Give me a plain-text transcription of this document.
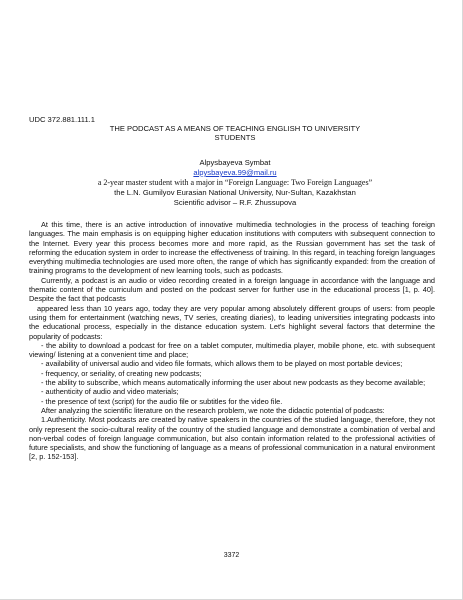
UDC 372.881.111.1
THE PODCAST AS A MEANS OF TEACHING ENGLISH TO UNIVERSITY
STUDENTS
Alpysbayeva Symbat
alpysbayeva.99@mail.ru
a 2-year master student with a major in “Foreign Language: Two Foreign Languages”
the L.N. Gumilyov Eurasian National University, Nur-Sultan, Kazakhstan
Scientific advisor – R.F. Zhussupova

At this time, there is an active introduction of innovative multimedia technologies in the process of teaching foreign languages. The main emphasis is on equipping higher education institutions with computers with subsequent connection to the Internet. Every year this process becomes more and more rapid, as the Russian government has set the task of reforming the education system in order to increase the effectiveness of training. In this regard, in teaching foreign languages everything multimedia technologies are used more often, the range of which has significantly expanded: from the creation of training programs to the development of new learning tools, such as podcasts.

Currently, a podcast is an audio or video recording created in a foreign language in accordance with the language and thematic content of the curriculum and posted on the podcast server for further use in the educational process [1, p. 40]. Despite the fact that podcasts

appeared less than 10 years ago, today they are very popular among absolutely different groups of users: from people using them for entertainment (watching news, TV series, creating diaries), to leading universities integrating podcasts into the educational process, especially in the distance education system. Let's highlight several factors that determine the popularity of podcasts:

- the ability to download a podcast for free on a tablet computer, multimedia player, mobile phone, etc. with subsequent viewing/ listening at a convenient time and place;

- availability of universal audio and video file formats, which allows them to be played on most portable devices;

- frequency, or seriality, of creating new podcasts;

- the ability to subscribe, which means automatically informing the user about new podcasts as they become available;

- authenticity of audio and video materials;

- the presence of text (script) for the audio file or subtitles for the video file.

After analyzing the scientific literature on the research problem, we note the didactic potential of podcasts:

1.Authenticity. Most podcasts are created by native speakers in the countries of the studied language, therefore, they not only represent the socio-cultural reality of the country of the studied language and demonstrate a combination of verbal and non-verbal codes of foreign language communication, but also contain information related to the professional activities of future specialists, and show the functioning of language as a means of professional communication in a natural environment [2, p. 152-153].

3372
